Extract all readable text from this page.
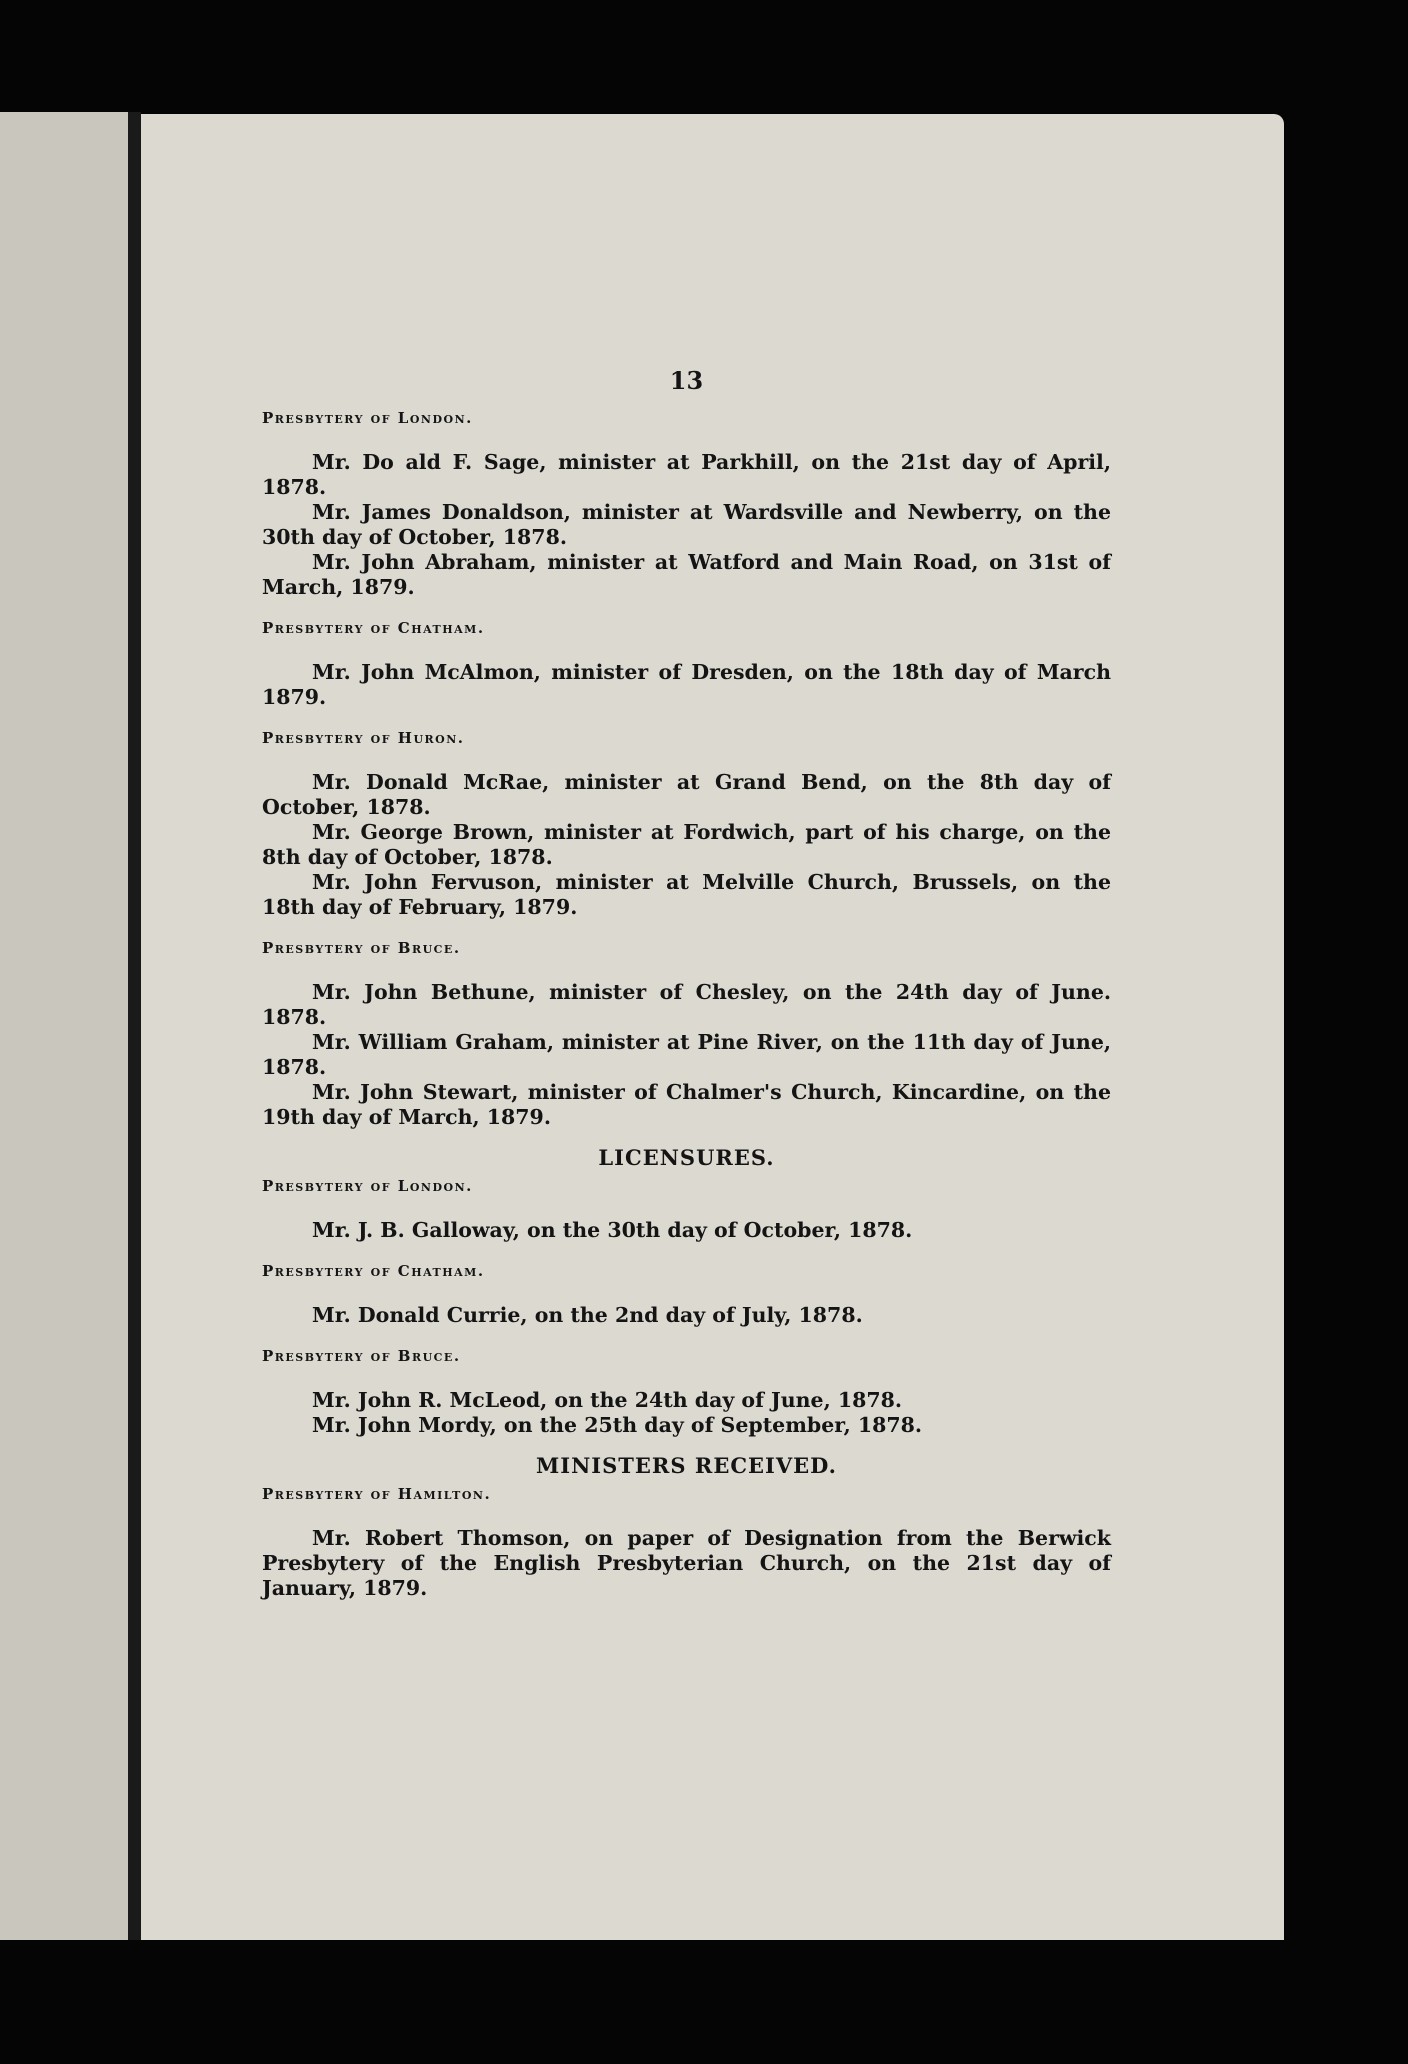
13

Presbytery of London.

Mr. Do ald F. Sage, minister at Parkhill, on the 21st day of April, 1878.

Mr. James Donaldson, minister at Wardsville and Newberry, on the 30th day of October, 1878.

Mr. John Abraham, minister at Watford and Main Road, on 31st of March, 1879.

Presbytery of Chatham.

Mr. John McAlmon, minister of Dresden, on the 18th day of March 1879.

Presbytery of Huron.

Mr. Donald McRae, minister at Grand Bend, on the 8th day of October, 1878.

Mr. George Brown, minister at Fordwich, part of his charge, on the 8th day of October, 1878.

Mr. John Fervuson, minister at Melville Church, Brussels, on the 18th day of February, 1879.

Presbytery of Bruce.

Mr. John Bethune, minister of Chesley, on the 24th day of June. 1878.

Mr. William Graham, minister at Pine River, on the 11th day of June, 1878.

Mr. John Stewart, minister of Chalmer's Church, Kincardine, on the 19th day of March, 1879.

LICENSURES.

Presbytery of London.

Mr. J. B. Galloway, on the 30th day of October, 1878.

Presbytery of Chatham.

Mr. Donald Currie, on the 2nd day of July, 1878.

Presbytery of Bruce.

Mr. John R. McLeod, on the 24th day of June, 1878.

Mr. John Mordy, on the 25th day of September, 1878.

MINISTERS RECEIVED.

Presbytery of Hamilton.

Mr. Robert Thomson, on paper of Designation from the Berwick Presbytery of the English Presbyterian Church, on the 21st day of January, 1879.
